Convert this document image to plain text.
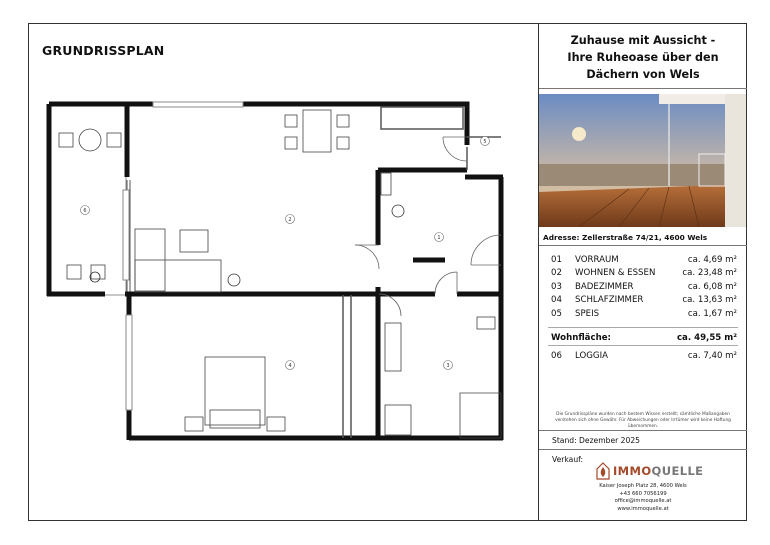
GRUNDRISSPLAN
6
2
1
4	3
5
Zuhause mit Aussicht -
Ihre Ruheoase über den
Dächern von Wels
Adresse: Zellerstraße 74/21, 4600 Wels
01	VORRAUM	ca. 4,69 m²
02	WOHNEN & ESSEN	ca. 23,48 m²
03	BADEZIMMER	ca. 6,08 m²
04	SCHLAFZIMMER	ca. 13,63 m²
05	SPEIS	ca. 1,67 m²
Wohnfläche:	ca. 49,55 m²
06	LOGGIA	ca. 7,40 m²
Die Grundrisspläne wurden nach bestem Wissen erstellt; sämtliche Maßangaben verstehen sich ohne Gewähr. Für Abweichungen oder Irrtümer wird keine Haftung übernommen.
Stand: Dezember 2025
Verkauf:
IMMOQUELLE
Kaiser Joseph Platz 28, 4600 Wels
+43 660 7056199
office@immoquelle.at
www.immoquelle.at
